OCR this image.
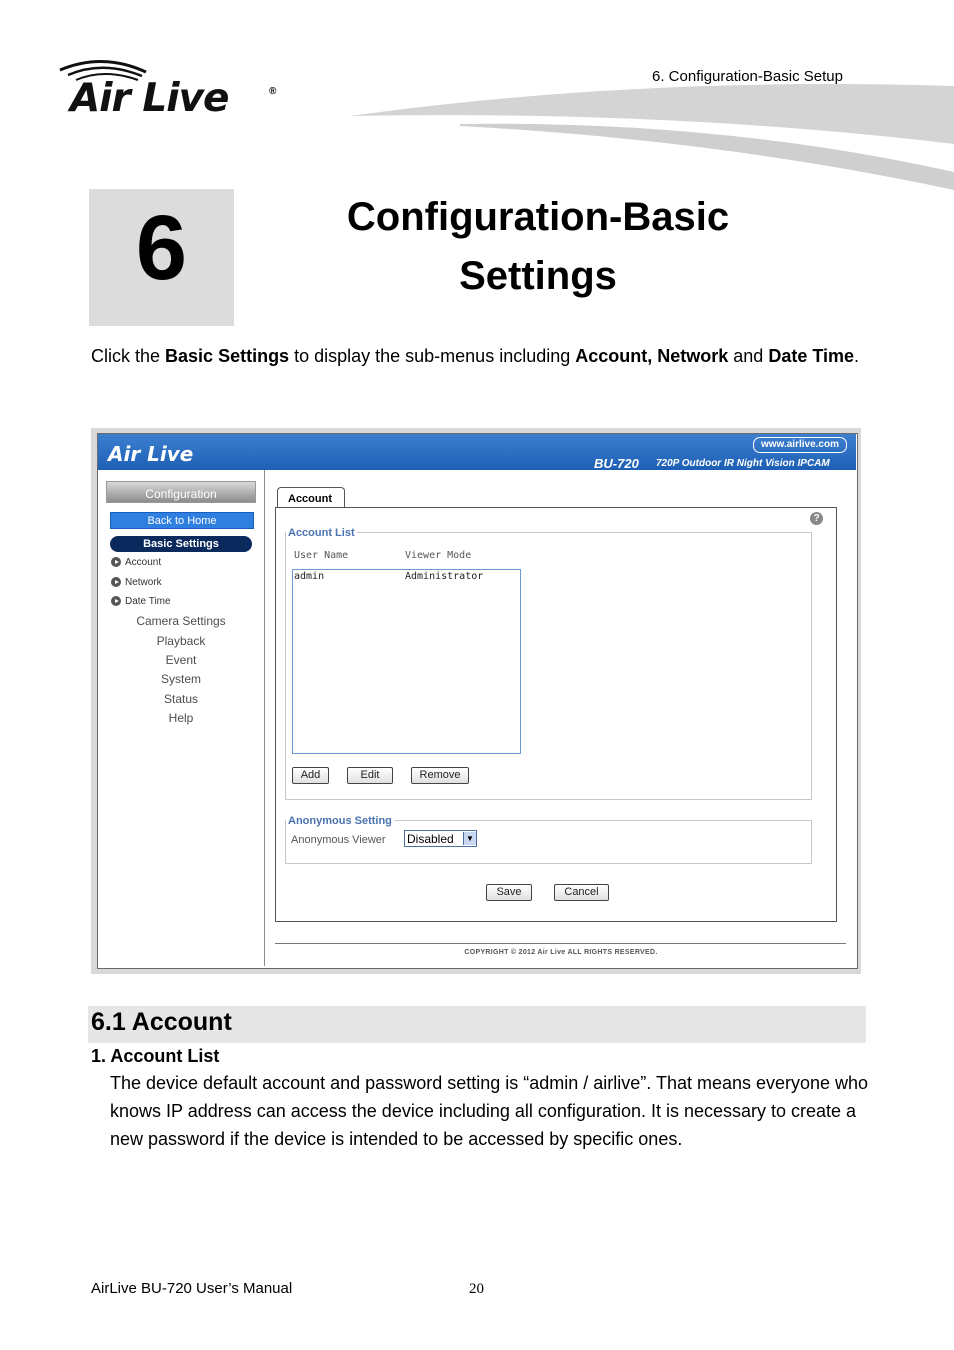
Air Live	®
6. Configuration-Basic Setup
6	Configuration-Basic
Settings
Click the Basic Settings to display the sub-menus including Account, Network and Date Time.
Air Live	www.airlive.com
BU-720 720P Outdoor IR Night Vision IPCAM
Configuration
Back to Home
Basic Settings
Account
Network
Date Time
Camera Settings
Playback
Event
System
Status
Help
Account
?
Account List
User Name	Viewer Mode
admin	Administrator
Add	Edit	Remove
Anonymous Setting
Anonymous Viewer Disabled	▼
Save	Cancel
COPYRIGHT © 2012 Air Live ALL RIGHTS RESERVED.
6.1 Account
1. Account List
The device default account and password setting is “admin / airlive”. That means everyone who knows IP address can access the device including all configuration. It is necessary to create a new password if the device is intended to be accessed by specific ones.
AirLive BU-720 User’s Manual	20
